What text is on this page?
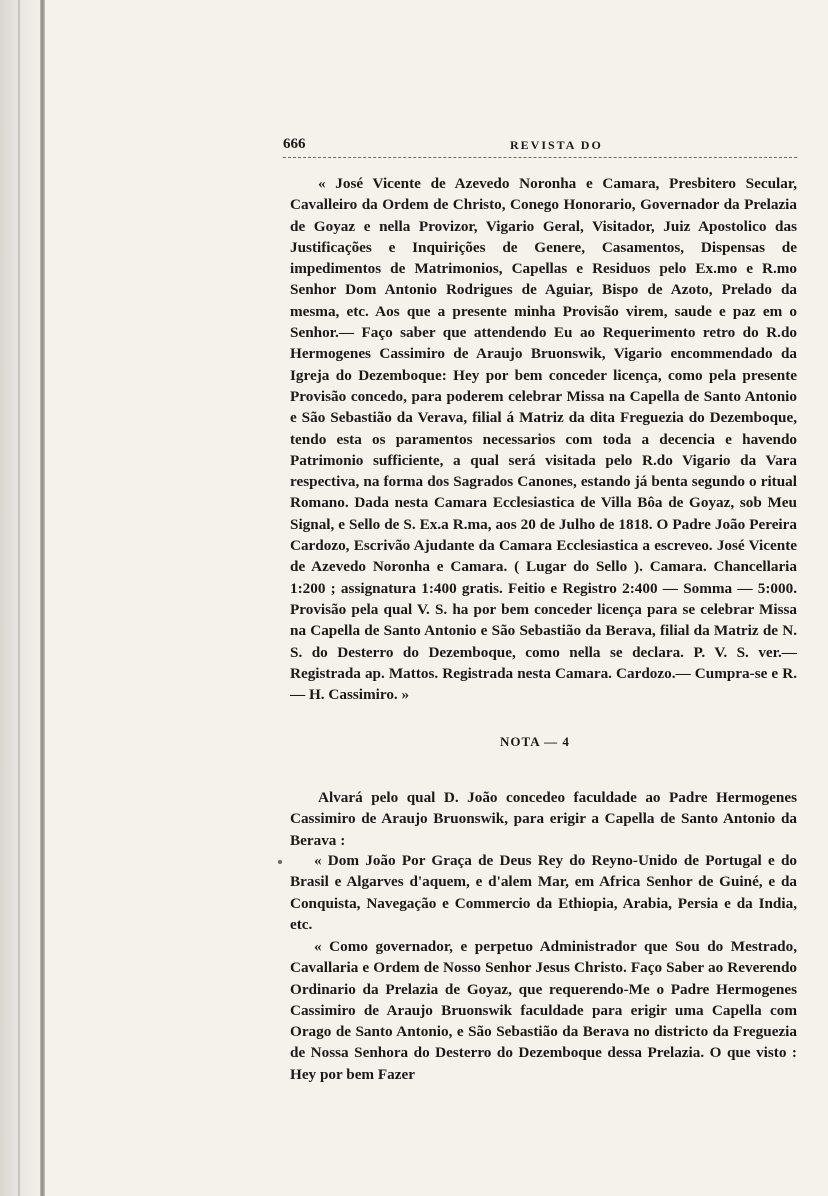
666	REVISTA DO

« José Vicente de Azevedo Noronha e Camara, Presbitero Secular, Cavalleiro da Ordem de Christo, Conego Honorario, Governador da Prelazia de Goyaz e nella Provizor, Vigario Geral, Visitador, Juiz Apostolico das Justificações e Inquirições de Genere, Casamentos, Dispensas de impedimentos de Matrimonios, Capellas e Residuos pelo Ex.mo e R.mo Senhor Dom Antonio Rodrigues de Aguiar, Bispo de Azoto, Prelado da mesma, etc. Aos que a presente minha Provisão virem, saude e paz em o Senhor.— Faço saber que attendendo Eu ao Requerimento retro do R.do Hermogenes Cassimiro de Araujo Bruonswik, Vigario encommendado da Igreja do Dezemboque: Hey por bem conceder licença, como pela presente Provisão concedo, para poderem celebrar Missa na Capella de Santo Antonio e São Sebastião da Verava, filial á Matriz da dita Freguezia do Dezemboque, tendo esta os paramentos necessarios com toda a decencia e havendo Patrimonio sufficiente, a qual será visitada pelo R.do Vigario da Vara respectiva, na forma dos Sagrados Canones, estando já benta segundo o ritual Romano. Dada nesta Camara Ecclesiastica de Villa Bôa de Goyaz, sob Meu Signal, e Sello de S. Ex.a R.ma, aos 20 de Julho de 1818. O Padre João Pereira Cardozo, Escrivão Ajudante da Camara Ecclesiastica a escreveo. José Vicente de Azevedo Noronha e Camara. ( Lugar do Sello ). Camara. Chancellaria 1:200 ; assignatura 1:400 gratis. Feitio e Registro 2:400 — Somma — 5:000. Provisão pela qual V. S. ha por bem conceder licença para se celebrar Missa na Capella de Santo Antonio e São Sebastião da Berava, filial da Matriz de N. S. do Desterro do Dezemboque, como nella se declara. P. V. S. ver.— Registrada ap. Mattos. Registrada nesta Camara. Cardozo.— Cumpra-se e R.— H. Cassimiro. »

NOTA — 4

Alvará pelo qual D. João concedeo faculdade ao Padre Hermogenes Cassimiro de Araujo Bruonswik, para erigir a Capella de Santo Antonio da Berava :

« Dom João Por Graça de Deus Rey do Reyno-Unido de Portugal e do Brasil e Algarves d'aquem, e d'alem Mar, em Africa Senhor de Guiné, e da Conquista, Navegação e Commercio da Ethiopia, Arabia, Persia e da India, etc.

« Como governador, e perpetuo Administrador que Sou do Mestrado, Cavallaria e Ordem de Nosso Senhor Jesus Christo. Faço Saber ao Reverendo Ordinario da Prelazia de Goyaz, que requerendo-Me o Padre Hermogenes Cassimiro de Araujo Bruonswik faculdade para erigir uma Capella com Orago de Santo Antonio, e São Sebastião da Berava no districto da Freguezia de Nossa Senhora do Desterro do Dezemboque dessa Prelazia. O que visto : Hey por bem Fazer
